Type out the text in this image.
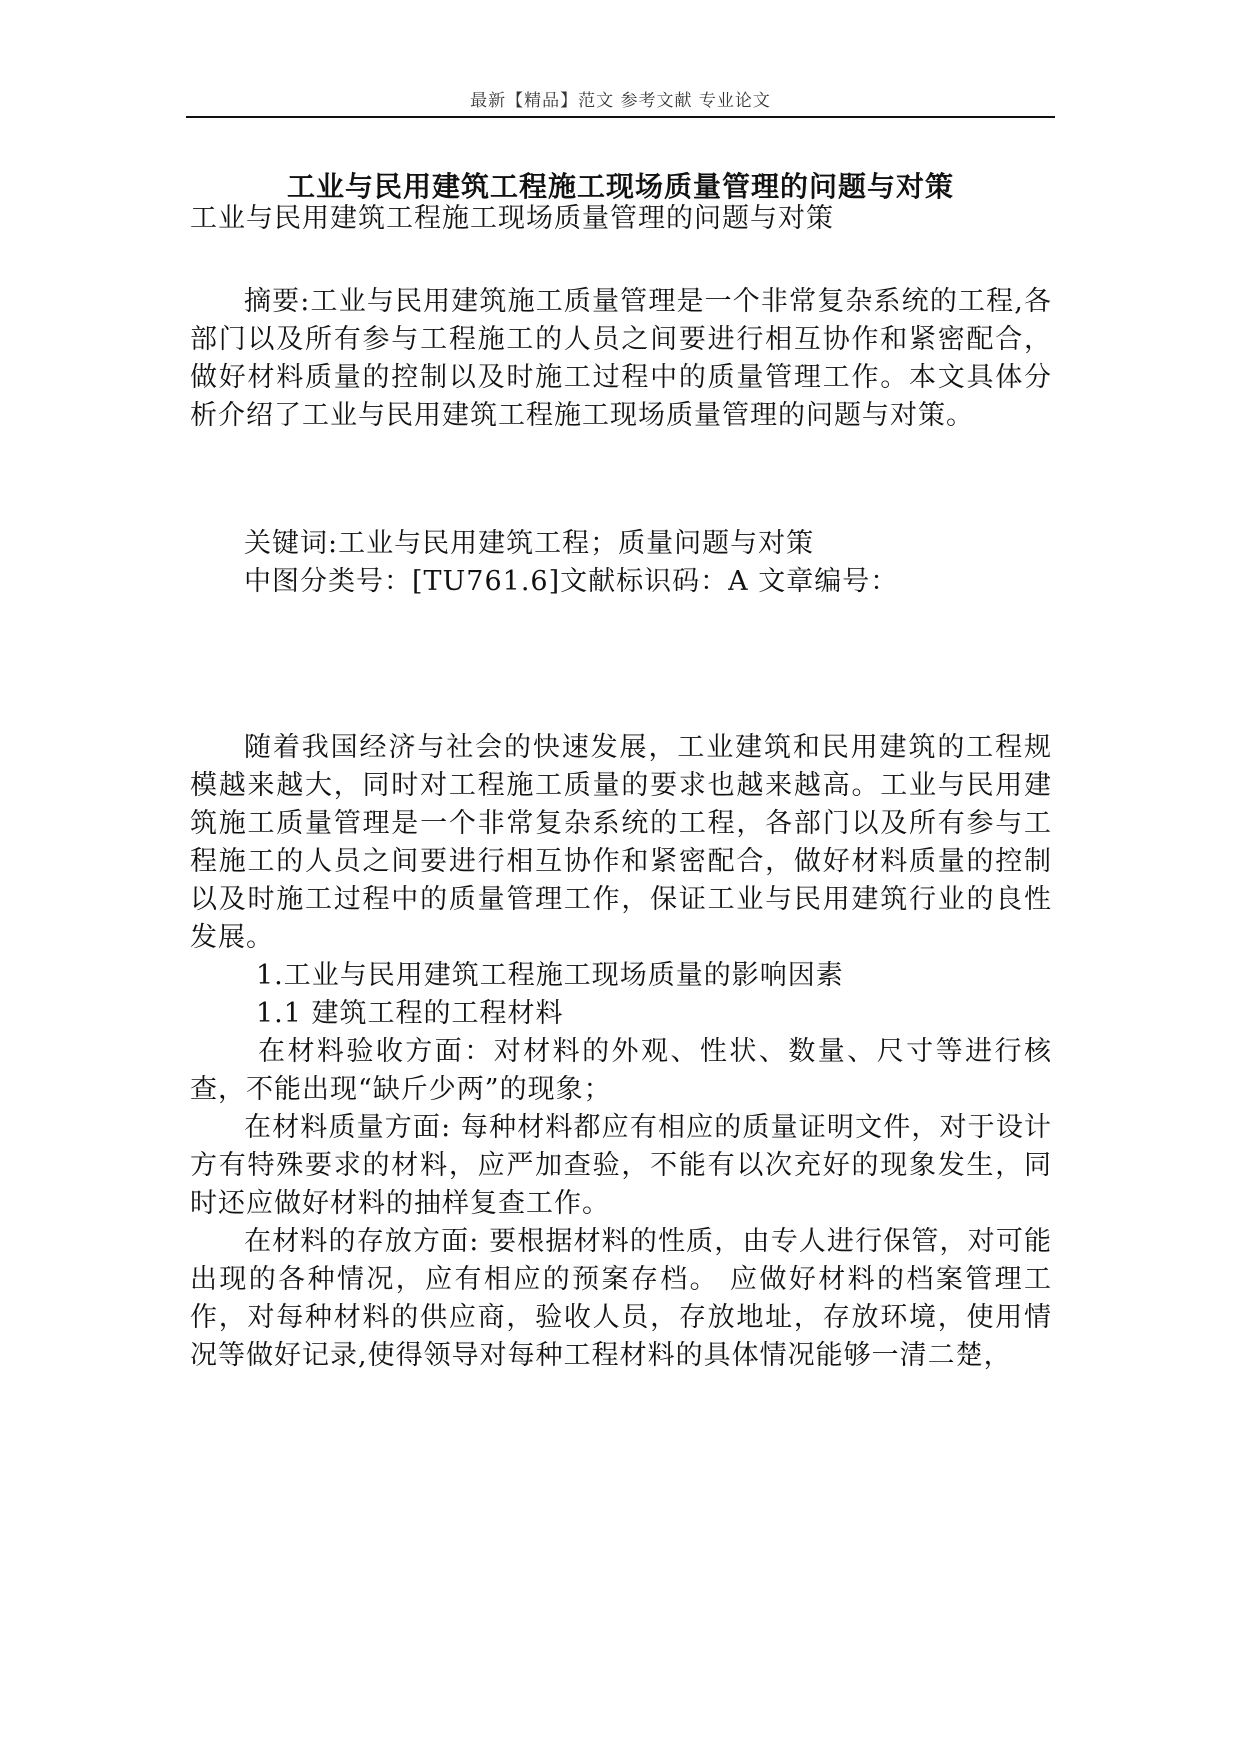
最新【精品】范文 参考文献 专业论文
工业与民用建筑工程施工现场质量管理的问题与对策

工业与民用建筑工程施工现场质量管理的问题与对策

摘要:工业与民用建筑施工质量管理是一个非常复杂系统的工程,各部门以及所有参与工程施工的人员之间要进行相互协作和紧密配合，做好材料质量的控制以及时施工过程中的质量管理工作。本文具体分析介绍了工业与民用建筑工程施工现场质量管理的问题与对策。

关键词:工业与民用建筑工程；质量问题与对策

中图分类号：[TU761.6]文献标识码：A 文章编号：

随着我国经济与社会的快速发展，工业建筑和民用建筑的工程规模越来越大，同时对工程施工质量的要求也越来越高。工业与民用建筑施工质量管理是一个非常复杂系统的工程，各部门以及所有参与工程施工的人员之间要进行相互协作和紧密配合，做好材料质量的控制以及时施工过程中的质量管理工作，保证工业与民用建筑行业的良性发展。

1.工业与民用建筑工程施工现场质量的影响因素

1.1 建筑工程的工程材料

在材料验收方面：对材料的外观、性状、数量、尺寸等进行核查，不能出现“缺斤少两”的现象；

在材料质量方面: 每种材料都应有相应的质量证明文件，对于设计方有特殊要求的材料，应严加查验，不能有以次充好的现象发生，同时还应做好材料的抽样复查工作。

在材料的存放方面: 要根据材料的性质，由专人进行保管，对可能出现的各种情况，应有相应的预案存档。 应做好材料的档案管理工作，对每种材料的供应商，验收人员，存放地址，存放环境，使用情况等做好记录,使得领导对每种工程材料的具体情况能够一清二楚，
